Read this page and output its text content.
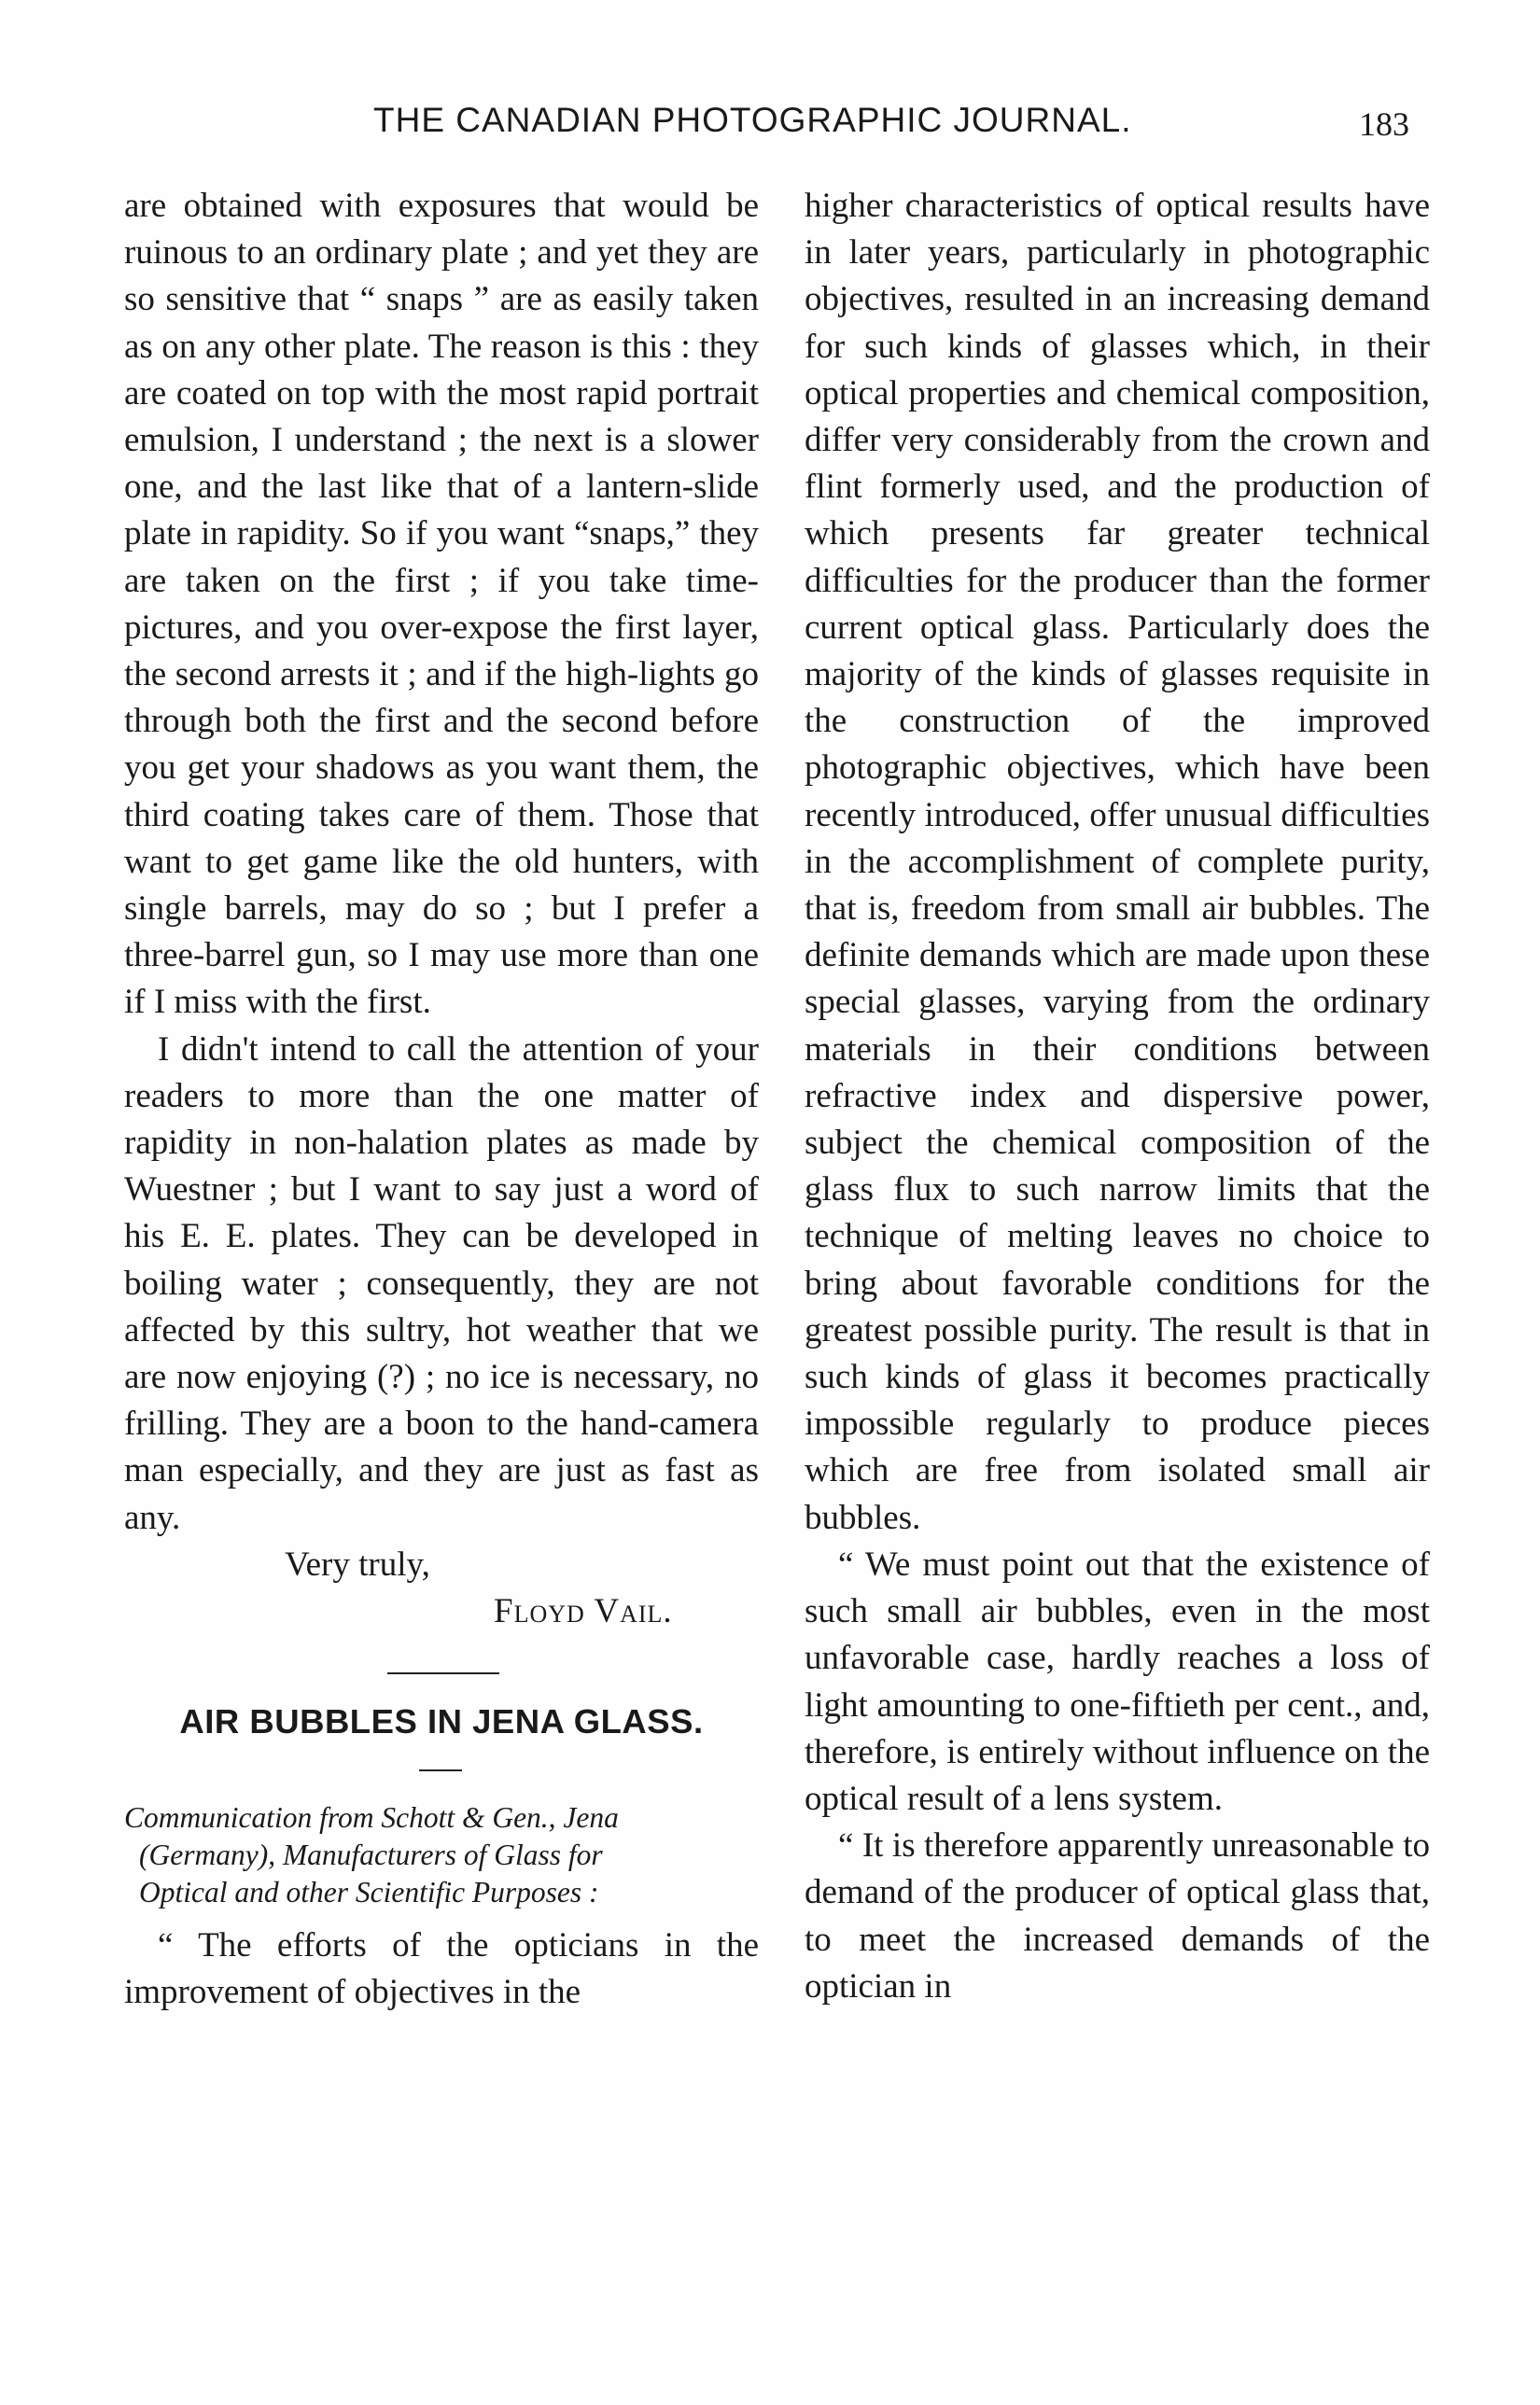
THE CANADIAN PHOTOGRAPHIC JOURNAL.	183

are obtained with exposures that would be ruinous to an ordinary plate ; and yet they are so sensitive that “ snaps ” are as easily taken as on any other plate. The reason is this : they are coated on top with the most rapid portrait emulsion, I understand ; the next is a slower one, and the last like that of a lantern-slide plate in rapidity. So if you want “snaps,” they are taken on the first ; if you take time-pictures, and you over-expose the first layer, the second arrests it ; and if the high-lights go through both the first and the second before you get your shadows as you want them, the third coating takes care of them. Those that want to get game like the old hunters, with single barrels, may do so ; but I prefer a three-barrel gun, so I may use more than one if I miss with the first.

I didn't intend to call the attention of your readers to more than the one matter of rapidity in non-halation plates as made by Wuestner ; but I want to say just a word of his E. E. plates. They can be developed in boiling water ; consequently, they are not affected by this sultry, hot weather that we are now enjoying (?) ; no ice is necessary, no frilling. They are a boon to the hand-camera man especially, and they are just as fast as any.

Very truly,
Floyd Vail.
AIR BUBBLES IN JENA GLASS.

Communication from Schott & Gen., Jena
(Germany), Manufacturers of Glass for
Optical and other Scientific Purposes :

“ The efforts of the opticians in the improvement of objectives in the

higher characteristics of optical results have in later years, particularly in photographic objectives, resulted in an increasing demand for such kinds of glasses which, in their optical properties and chemical composition, differ very considerably from the crown and flint formerly used, and the production of which presents far greater technical difficulties for the producer than the former current optical glass. Particularly does the majority of the kinds of glasses requisite in the construction of the improved photographic objectives, which have been recently introduced, offer unusual difficulties in the accomplishment of complete purity, that is, freedom from small air bubbles. The definite demands which are made upon these special glasses, varying from the ordinary materials in their conditions between refractive index and dispersive power, subject the chemical composition of the glass flux to such narrow limits that the technique of melting leaves no choice to bring about favorable conditions for the greatest possible purity. The result is that in such kinds of glass it becomes practically impossible regularly to produce pieces which are free from isolated small air bubbles.

“ We must point out that the existence of such small air bubbles, even in the most unfavorable case, hardly reaches a loss of light amounting to one-fiftieth per cent., and, therefore, is entirely without influence on the optical result of a lens system.

“ It is therefore apparently unreasonable to demand of the producer of optical glass that, to meet the increased demands of the optician in
